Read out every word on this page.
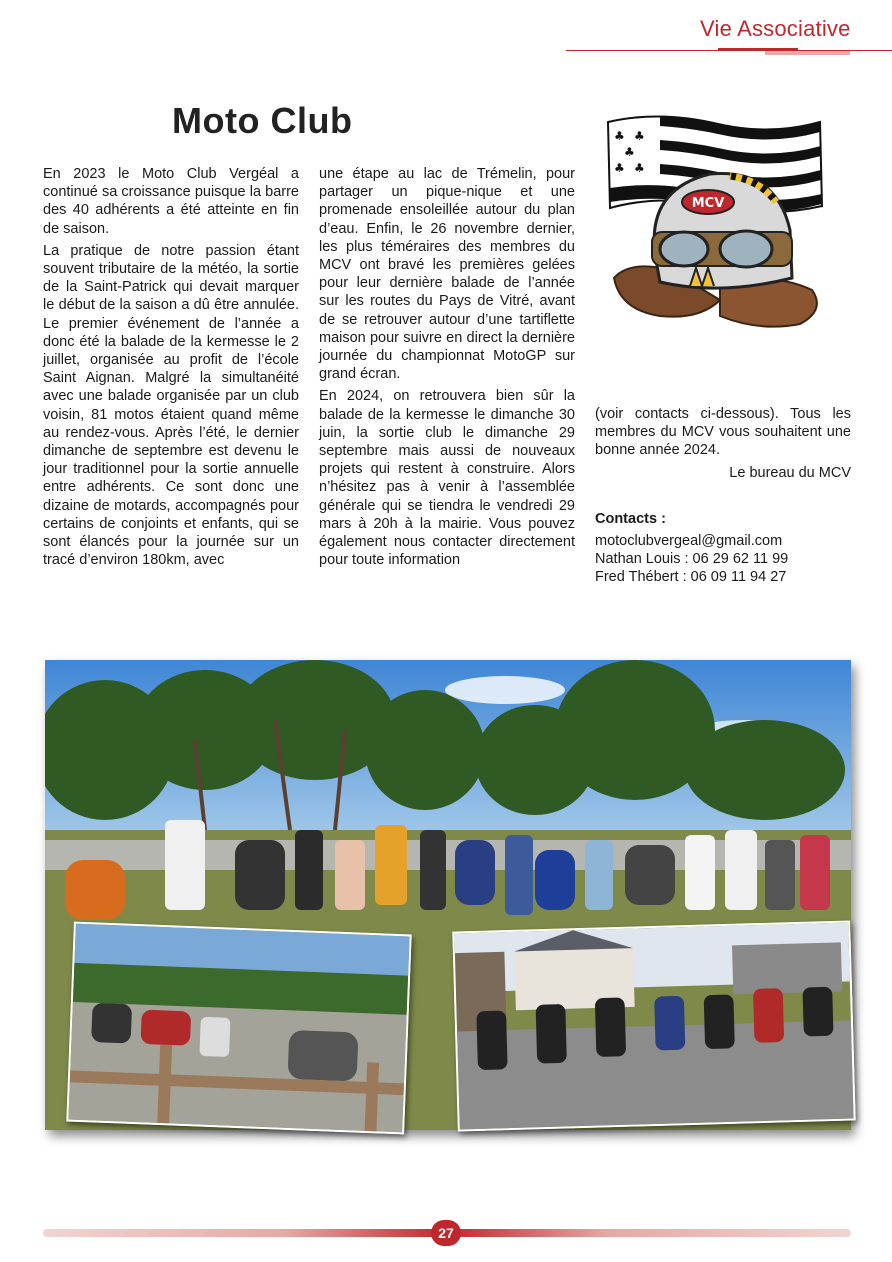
Vie Associative
Moto Club

En 2023 le Moto Club Vergéal a continué sa croissance puisque la barre des 40 adhérents a été atteinte en fin de saison.

La pratique de notre passion étant souvent tributaire de la météo, la sortie de la Saint-Patrick qui devait marquer le début de la saison a dû être annulée. Le premier événement de l’année a donc été la balade de la kermesse le 2 juillet, organisée au profit de l’école Saint Aignan. Malgré la simultanéité avec une balade organisée par un club voisin, 81 motos étaient quand même au rendez-vous. Après l’été, le dernier dimanche de septembre est devenu le jour traditionnel pour la sortie annuelle entre adhérents. Ce sont donc une dizaine de motards, accompagnés pour certains de conjoints et enfants, qui se sont élancés pour la journée sur un tracé d’environ 180km, avec

une étape au lac de Trémelin, pour partager un pique-nique et une promenade ensoleillée autour du plan d’eau. Enfin, le 26 novembre dernier, les plus téméraires des membres du MCV ont bravé les premières gelées pour leur dernière balade de l’année sur les routes du Pays de Vitré, avant de se retrouver autour d’une tartiflette maison pour suivre en direct la dernière journée du championnat MotoGP sur grand écran.

En 2024, on retrouvera bien sûr la balade de la kermesse le dimanche 30 juin, la sortie club le dimanche 29 septembre mais aussi de nouveaux projets qui restent à construire. Alors n’hésitez pas à venir à l’assemblée générale qui se tiendra le vendredi 29 mars à 20h à la mairie. Vous pouvez également nous contacter directement pour toute information

(voir contacts ci-dessous). Tous les membres du MCV vous souhaitent une bonne année 2024.

Le bureau du MCV

Contacts :

motoclubvergeal@gmail.com

Nathan Louis : 06 29 62 11 99

Fred Thébert : 06 09 11 94 27

♣ ♣
♣
♣ ♣
MCV
27
